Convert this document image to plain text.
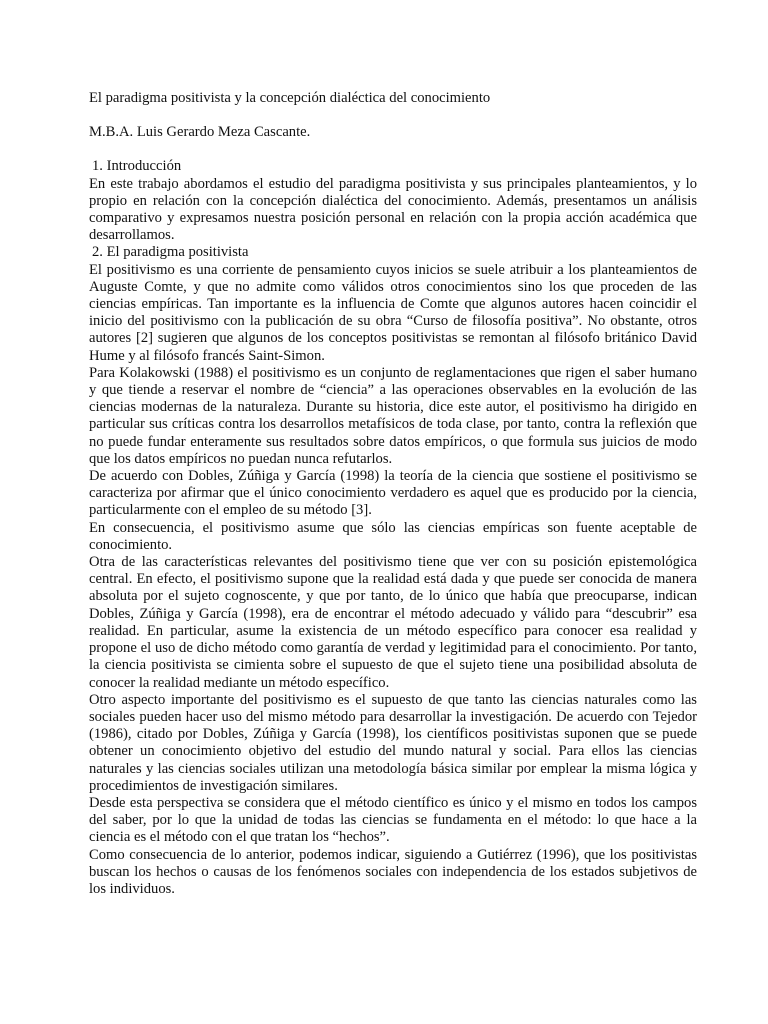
El paradigma positivista y la concepción dialéctica del conocimiento

M.B.A. Luis Gerardo Meza Cascante.

1. Introducción

En este trabajo abordamos el estudio del paradigma positivista y sus principales planteamientos, y lo propio en relación con la concepción dialéctica del conocimiento. Además, presentamos un análisis comparativo y expresamos nuestra posición personal en relación con la propia acción académica que desarrollamos.

2. El paradigma positivista

El positivismo es una corriente de pensamiento cuyos inicios se suele atribuir a los planteamientos de Auguste Comte, y que no admite como válidos otros conocimientos sino los que proceden de las ciencias empíricas. Tan importante es la influencia de Comte que algunos autores hacen coincidir el inicio del positivismo con la publicación de su obra “Curso de filosofía positiva”. No obstante, otros autores [2] sugieren que algunos de los conceptos positivistas se remontan al filósofo británico David Hume y al filósofo francés Saint-Simon.

Para Kolakowski (1988) el positivismo es un conjunto de reglamentaciones que rigen el saber humano y que tiende a reservar el nombre de “ciencia” a las operaciones observables en la evolución de las ciencias modernas de la naturaleza. Durante su historia, dice este autor, el positivismo ha dirigido en particular sus críticas contra los desarrollos metafísicos de toda clase, por tanto, contra la reflexión que no puede fundar enteramente sus resultados sobre datos empíricos, o que formula sus juicios de modo que los datos empíricos no puedan nunca refutarlos.

De acuerdo con Dobles, Zúñiga y García (1998) la teoría de la ciencia que sostiene el positivismo se caracteriza por afirmar que el único conocimiento verdadero es aquel que es producido por la ciencia, particularmente con el empleo de su método [3].

En consecuencia, el positivismo asume que sólo las ciencias empíricas son fuente aceptable de conocimiento.

Otra de las características relevantes del positivismo tiene que ver con su posición epistemológica central. En efecto, el positivismo supone que la realidad está dada y que puede ser conocida de manera absoluta por el sujeto cognoscente, y que por tanto, de lo único que había que preocuparse, indican Dobles, Zúñiga y García (1998), era de encontrar el método adecuado y válido para “descubrir” esa realidad. En particular, asume la existencia de un método específico para conocer esa realidad y propone el uso de dicho método como garantía de verdad y legitimidad para el conocimiento. Por tanto, la ciencia positivista se cimienta sobre el supuesto de que el sujeto tiene una posibilidad absoluta de conocer la realidad mediante un método específico.

Otro aspecto importante del positivismo es el supuesto de que tanto las ciencias naturales como las sociales pueden hacer uso del mismo método para desarrollar la investigación. De acuerdo con Tejedor (1986), citado por Dobles, Zúñiga y García (1998), los científicos positivistas suponen que se puede obtener un conocimiento objetivo del estudio del mundo natural y social. Para ellos las ciencias naturales y las ciencias sociales utilizan una metodología básica similar por emplear la misma lógica y procedimientos de investigación similares.

Desde esta perspectiva se considera que el método científico es único y el mismo en todos los campos del saber, por lo que la unidad de todas las ciencias se fundamenta en el método: lo que hace a la ciencia es el método con el que tratan los “hechos”.

Como consecuencia de lo anterior, podemos indicar, siguiendo a Gutiérrez (1996), que los positivistas buscan los hechos o causas de los fenómenos sociales con independencia de los estados subjetivos de los individuos.
